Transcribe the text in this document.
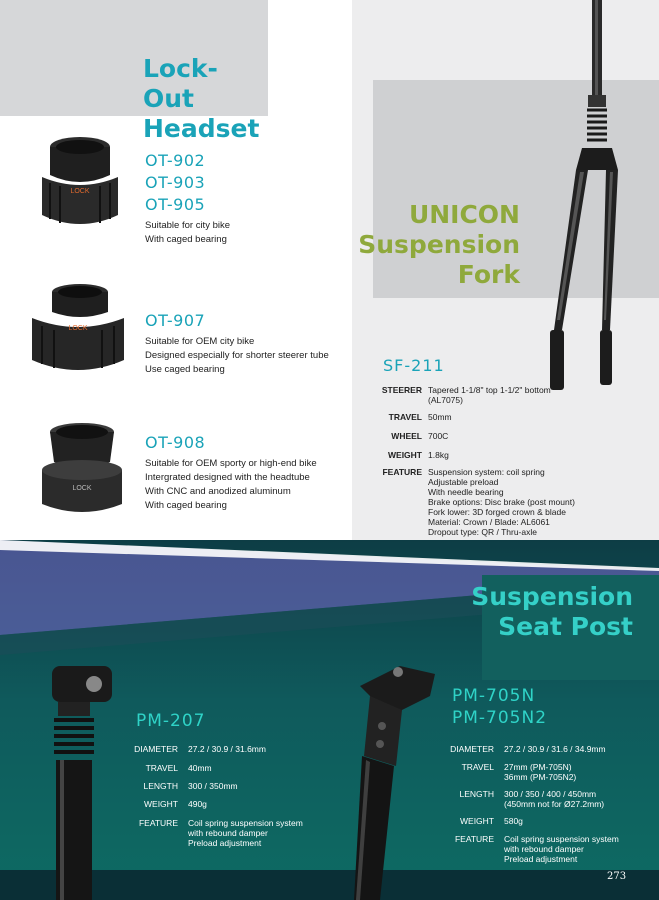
Lock-Out
Headset
UNICON
Suspension
Fork
LOCK
OT-902
OT-903
OT-905
Suitable for city bike
With caged bearing
LOCK	OT-907
Suitable for OEM city bike
Designed especially for shorter steerer tube
Use caged bearing
LOCK
OT-908
Suitable for OEM sporty or high-end bike
Intergrated designed with the headtube
With CNC and anodized aluminum
With caged bearing
SF-211
STEERER Tapered 1-1/8" top 1-1/2" bottom
(AL7075)
TRAVEL 50mm
WHEEL 700C
WEIGHT 1.8kg
FEATURE Suspension system: coil spring
Adjustable preload
With needle bearing
Brake options: Disc brake (post mount)
Fork lower: 3D forged crown & blade
Material: Crown / Blade: AL6061
Dropout type: QR / Thru-axle
Suspension
Seat Post
PM-207
DIAMETER 27.2 / 30.9 / 31.6mm
TRAVEL 40mm
LENGTH 300 / 350mm
WEIGHT 490g
FEATURE Coil spring suspension system
with rebound damper
Preload adjustment
PM-705N
PM-705N2
DIAMETER 27.2 / 30.9 / 31.6 / 34.9mm
TRAVEL 27mm (PM-705N)
36mm (PM-705N2)
LENGTH 300 / 350 / 400 / 450mm
(450mm not for Ø27.2mm)
WEIGHT 580g
FEATURE Coil spring suspension system
with rebound damper
Preload adjustment
273
